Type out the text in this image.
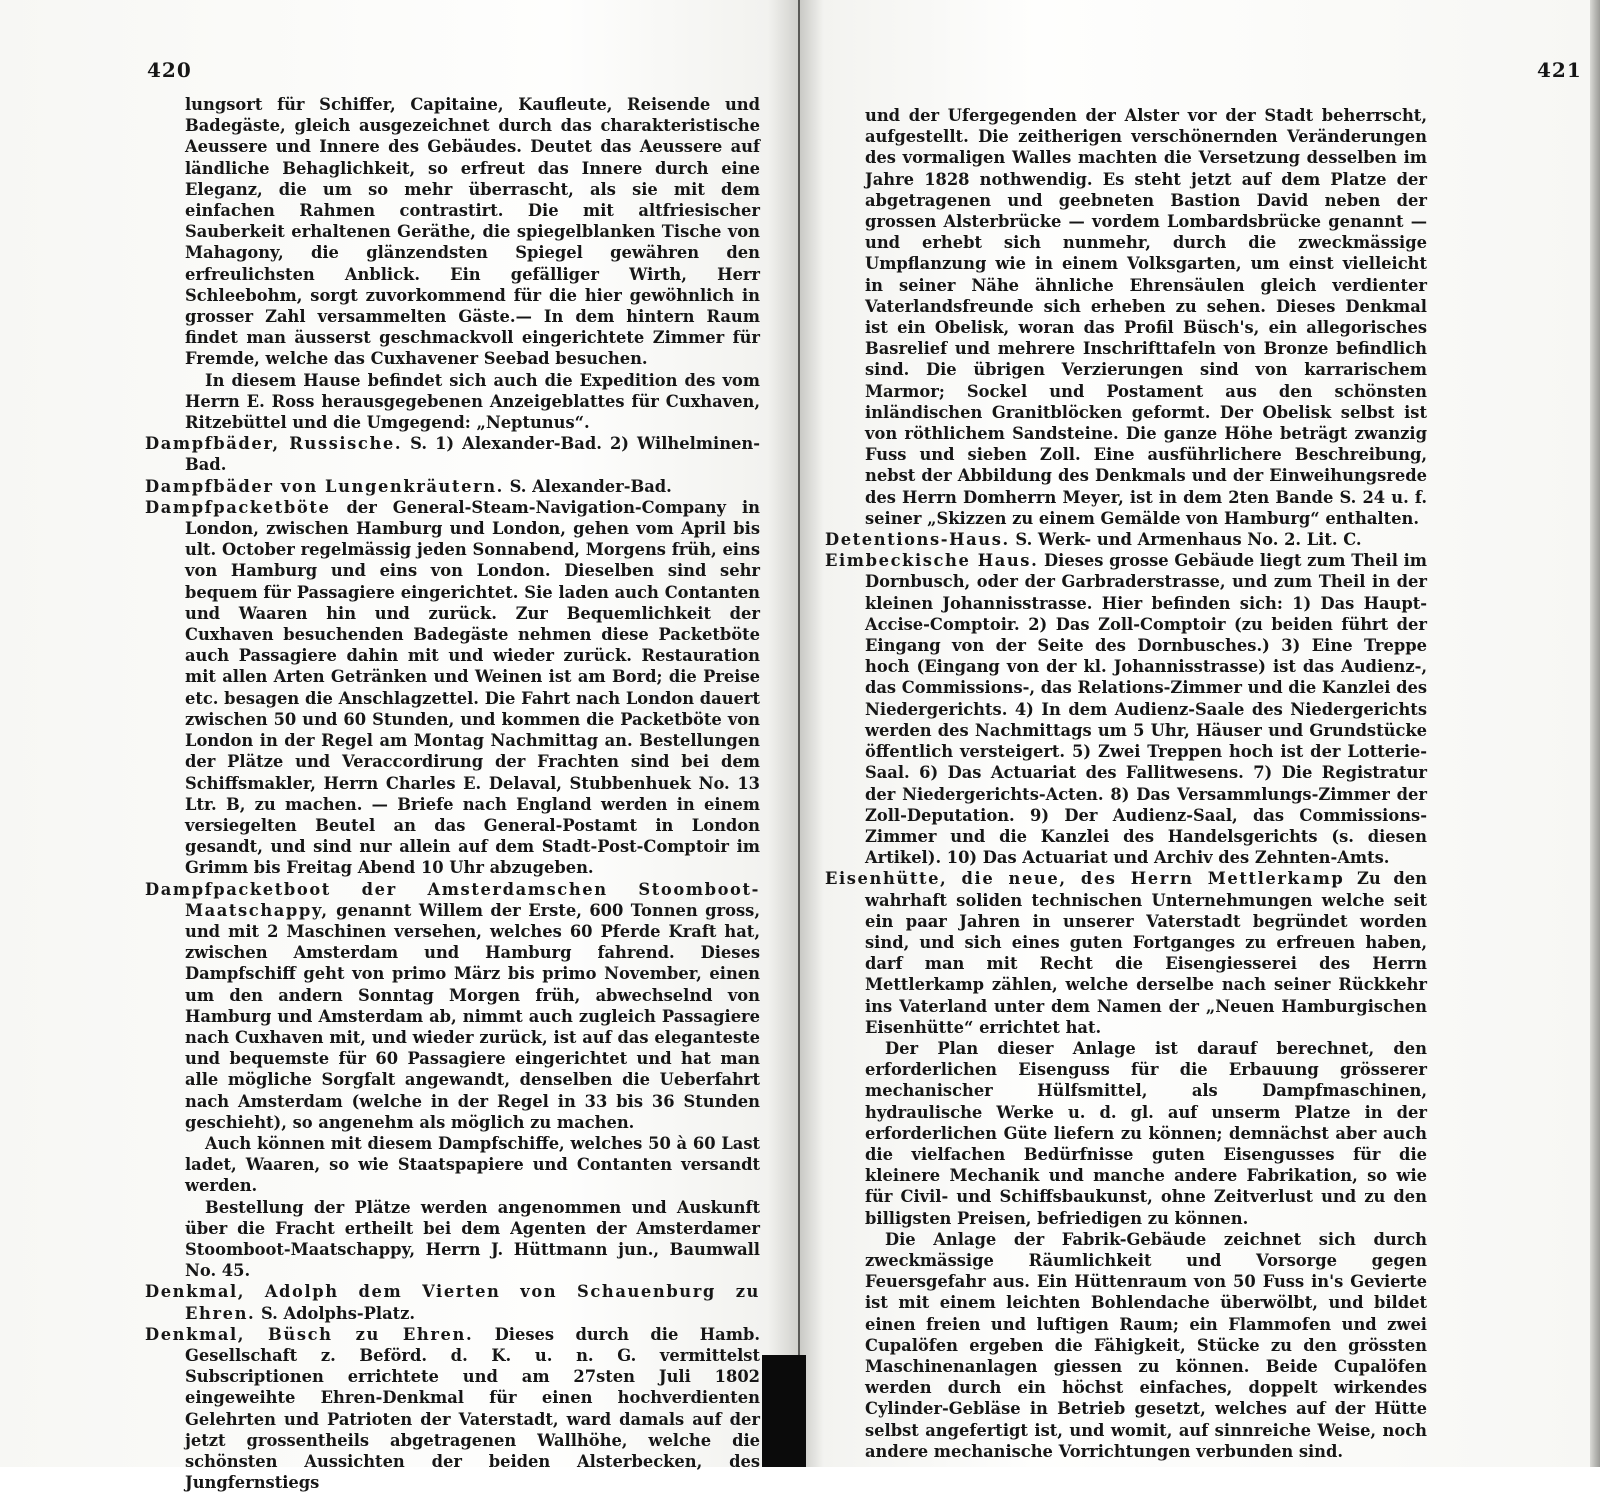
420

lungsort für Schiffer, Capitaine, Kaufleute, Reisende und Badegäste, gleich ausgezeichnet durch das charakteristische Aeussere und Innere des Gebäudes. Deutet das Aeussere auf ländliche Behaglichkeit, so erfreut das Innere durch eine Eleganz, die um so mehr überrascht, als sie mit dem einfachen Rahmen contrastirt. Die mit altfriesischer Sauberkeit erhaltenen Geräthe, die spiegelblanken Tische von Mahagony, die glänzendsten Spiegel gewähren den erfreulichsten Anblick. Ein gefälliger Wirth, Herr Schleebohm, sorgt zuvorkommend für die hier gewöhnlich in grosser Zahl versammelten Gäste.— In dem hintern Raum findet man äusserst geschmackvoll eingerichtete Zimmer für Fremde, welche das Cuxhavener Seebad besuchen.

In diesem Hause befindet sich auch die Expedition des vom Herrn E. Ross herausgegebenen Anzeigeblattes für Cuxhaven, Ritzebüttel und die Umgegend: „Neptunus“.

Dampfbäder, Russische. S. 1) Alexander-Bad. 2) Wilhelminen-Bad.

Dampfbäder von Lungenkräutern. S. Alexander-Bad.

Dampfpacketböte der General-Steam-Navigation-Company in London, zwischen Hamburg und London, gehen vom April bis ult. October regelmässig jeden Sonnabend, Morgens früh, eins von Hamburg und eins von London. Dieselben sind sehr bequem für Passagiere eingerichtet. Sie laden auch Contanten und Waaren hin und zurück. Zur Bequemlichkeit der Cuxhaven besuchenden Badegäste nehmen diese Packetböte auch Passagiere dahin mit und wieder zurück. Restauration mit allen Arten Getränken und Weinen ist am Bord; die Preise etc. besagen die Anschlagzettel. Die Fahrt nach London dauert zwischen 50 und 60 Stunden, und kommen die Packetböte von London in der Regel am Montag Nachmittag an. Bestellungen der Plätze und Veraccordirung der Frachten sind bei dem Schiffsmakler, Herrn Charles E. Delaval, Stubbenhuek No. 13 Ltr. B, zu machen. — Briefe nach England werden in einem versiegelten Beutel an das General-Postamt in London gesandt, und sind nur allein auf dem Stadt-Post-Comptoir im Grimm bis Freitag Abend 10 Uhr abzugeben.

Dampfpacketboot der Amsterdamschen Stoomboot-Maatschappy, genannt Willem der Erste, 600 Tonnen gross, und mit 2 Maschinen versehen, welches 60 Pferde Kraft hat, zwischen Amsterdam und Hamburg fahrend. Dieses Dampfschiff geht von primo März bis primo November, einen um den andern Sonntag Morgen früh, abwechselnd von Hamburg und Amsterdam ab, nimmt auch zugleich Passagiere nach Cuxhaven mit, und wieder zurück, ist auf das eleganteste und bequemste für 60 Passagiere eingerichtet und hat man alle mögliche Sorgfalt angewandt, denselben die Ueberfahrt nach Amsterdam (welche in der Regel in 33 bis 36 Stunden geschieht), so angenehm als möglich zu machen.

Auch können mit diesem Dampfschiffe, welches 50 à 60 Last ladet, Waaren, so wie Staatspapiere und Contanten versandt werden.

Bestellung der Plätze werden angenommen und Auskunft über die Fracht ertheilt bei dem Agenten der Amsterdamer Stoomboot-Maatschappy, Herrn J. Hüttmann jun., Baumwall No. 45.

Denkmal, Adolph dem Vierten von Schauenburg zu Ehren. S. Adolphs-Platz.

Denkmal, Büsch zu Ehren. Dieses durch die Hamb. Gesellschaft z. Beförd. d. K. u. n. G. vermittelst Subscriptionen errichtete und am 27sten Juli 1802 eingeweihte Ehren-Denkmal für einen hochverdienten Gelehrten und Patrioten der Vaterstadt, ward damals auf der jetzt grossentheils abgetragenen Wallhöhe, welche die schönsten Aussichten der beiden Alsterbecken, des Jungfernstiegs

421

und der Ufergegenden der Alster vor der Stadt beherrscht, aufgestellt. Die zeitherigen verschönernden Veränderungen des vormaligen Walles machten die Versetzung desselben im Jahre 1828 nothwendig. Es steht jetzt auf dem Platze der abgetragenen und geebneten Bastion David neben der grossen Alsterbrücke — vordem Lombardsbrücke genannt — und erhebt sich nunmehr, durch die zweckmässige Umpflanzung wie in einem Volksgarten, um einst vielleicht in seiner Nähe ähnliche Ehrensäulen gleich verdienter Vaterlandsfreunde sich erheben zu sehen. Dieses Denkmal ist ein Obelisk, woran das Profil Büsch's, ein allegorisches Basrelief und mehrere Inschrifttafeln von Bronze befindlich sind. Die übrigen Verzierungen sind von karrarischem Marmor; Sockel und Postament aus den schönsten inländischen Granitblöcken geformt. Der Obelisk selbst ist von röthlichem Sandsteine. Die ganze Höhe beträgt zwanzig Fuss und sieben Zoll. Eine ausführlichere Beschreibung, nebst der Abbildung des Denkmals und der Einweihungsrede des Herrn Domherrn Meyer, ist in dem 2ten Bande S. 24 u. f. seiner „Skizzen zu einem Gemälde von Hamburg“ enthalten.

Detentions-Haus. S. Werk- und Armenhaus No. 2. Lit. C.

Eimbeckische Haus. Dieses grosse Gebäude liegt zum Theil im Dornbusch, oder der Garbraderstrasse, und zum Theil in der kleinen Johannisstrasse. Hier befinden sich: 1) Das Haupt-Accise-Comptoir. 2) Das Zoll-Comptoir (zu beiden führt der Eingang von der Seite des Dornbusches.) 3) Eine Treppe hoch (Eingang von der kl. Johannisstrasse) ist das Audienz-, das Commissions-, das Relations-Zimmer und die Kanzlei des Niedergerichts. 4) In dem Audienz-Saale des Niedergerichts werden des Nachmittags um 5 Uhr, Häuser und Grundstücke öffentlich versteigert. 5) Zwei Treppen hoch ist der Lotterie-Saal. 6) Das Actuariat des Fallitwesens. 7) Die Registratur der Niedergerichts-Acten. 8) Das Versammlungs-Zimmer der Zoll-Deputation. 9) Der Audienz-Saal, das Commissions-Zimmer und die Kanzlei des Handelsgerichts (s. diesen Artikel). 10) Das Actuariat und Archiv des Zehnten-Amts.

Eisenhütte, die neue, des Herrn Mettlerkamp Zu den wahrhaft soliden technischen Unternehmungen welche seit ein paar Jahren in unserer Vaterstadt begründet worden sind, und sich eines guten Fortganges zu erfreuen haben, darf man mit Recht die Eisengiesserei des Herrn Mettlerkamp zählen, welche derselbe nach seiner Rückkehr ins Vaterland unter dem Namen der „Neuen Hamburgischen Eisenhütte“ errichtet hat.

Der Plan dieser Anlage ist darauf berechnet, den erforderlichen Eisenguss für die Erbauung grösserer mechanischer Hülfsmittel, als Dampfmaschinen, hydraulische Werke u. d. gl. auf unserm Platze in der erforderlichen Güte liefern zu können; demnächst aber auch die vielfachen Bedürfnisse guten Eisengusses für die kleinere Mechanik und manche andere Fabrikation, so wie für Civil- und Schiffsbaukunst, ohne Zeitverlust und zu den billigsten Preisen, befriedigen zu können.

Die Anlage der Fabrik-Gebäude zeichnet sich durch zweckmässige Räumlichkeit und Vorsorge gegen Feuersgefahr aus. Ein Hüttenraum von 50 Fuss in's Gevierte ist mit einem leichten Bohlendache überwölbt, und bildet einen freien und luftigen Raum; ein Flammofen und zwei Cupalöfen ergeben die Fähigkeit, Stücke zu den grössten Maschinenanlagen giessen zu können. Beide Cupalöfen werden durch ein höchst einfaches, doppelt wirkendes Cylinder-Gebläse in Betrieb gesetzt, welches auf der Hütte selbst angefertigt ist, und womit, auf sinnreiche Weise, noch andere mechanische Vorrichtungen verbunden sind.
